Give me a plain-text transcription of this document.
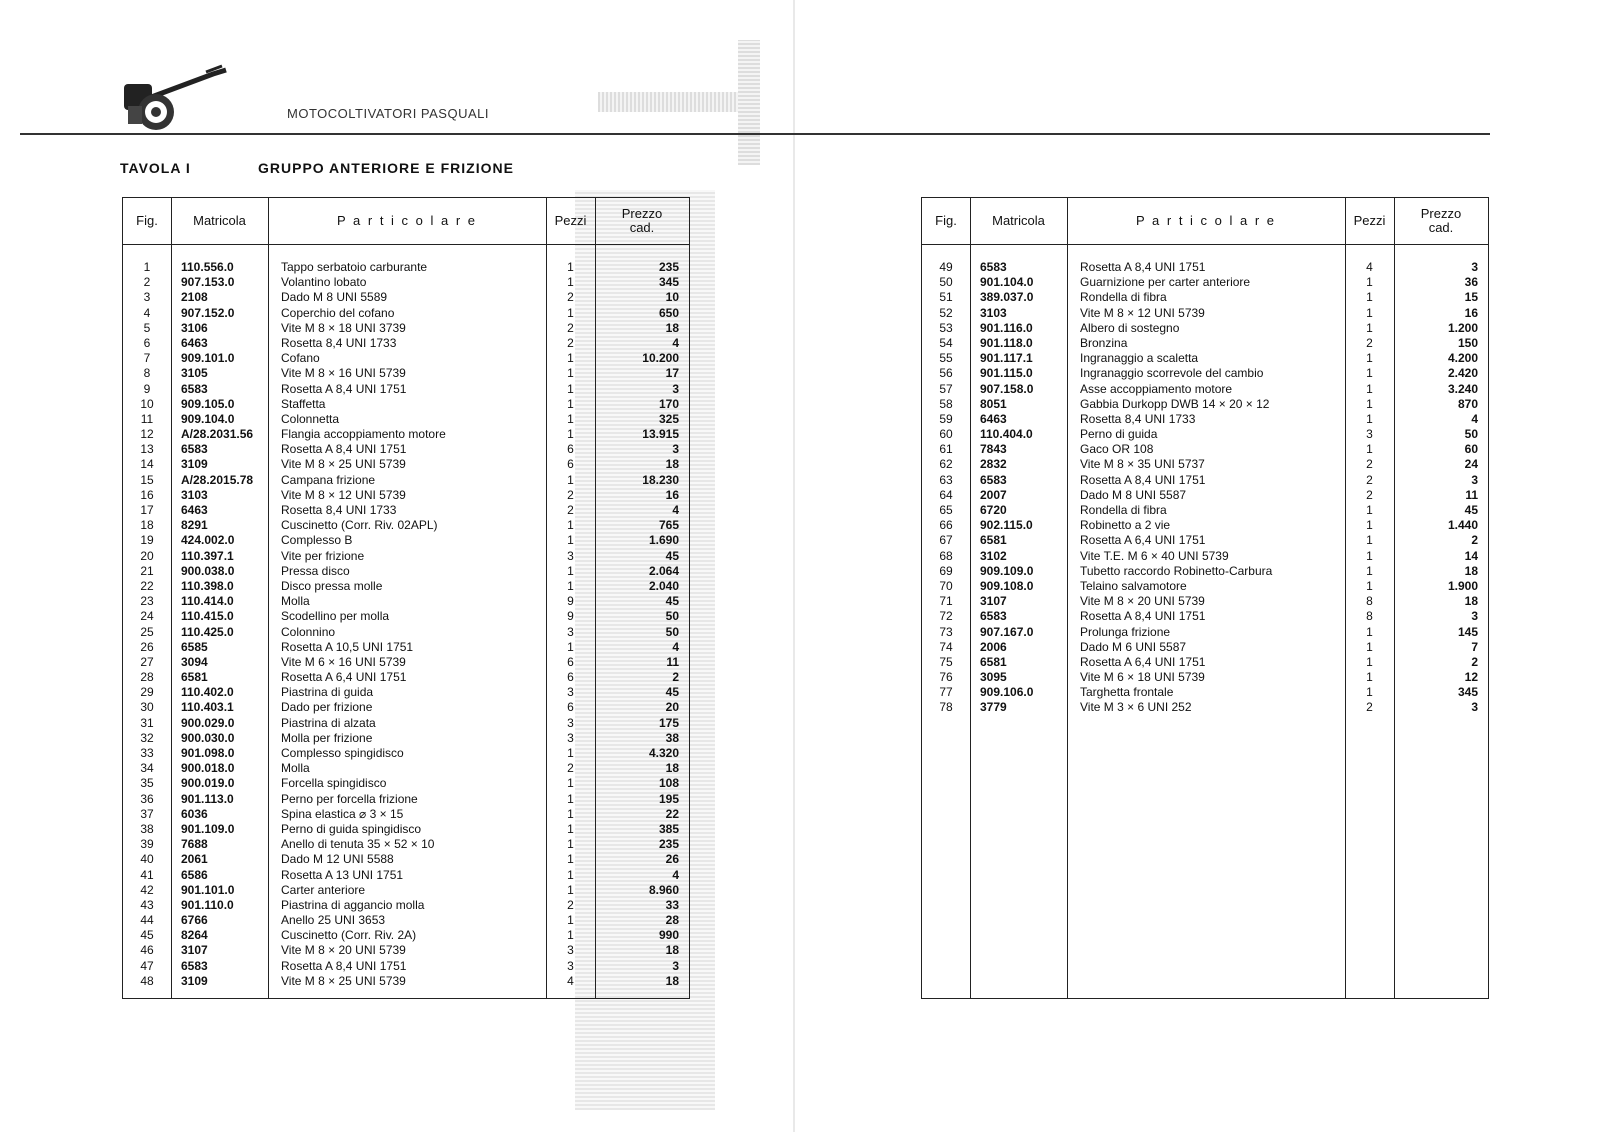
MOTOCOLTIVATORI PASQUALI
TAVOLA I	GRUPPO ANTERIORE E FRIZIONE
Fig.	Matricola	P a r t i c o l a r e	Pezzi	Prezzo
cad.
1	110.556.0	Tappo serbatoio carburante	1	235
2	907.153.0	Volantino lobato	1	345
3	2108	Dado M 8 UNI 5589	2	10
4	907.152.0	Coperchio del cofano	1	650
5	3106	Vite M 8 × 18 UNI 3739	2	18
6	6463	Rosetta 8,4 UNI 1733	2	4
7	909.101.0	Cofano	1	10.200
8	3105	Vite M 8 × 16 UNI 5739	1	17
9	6583	Rosetta A 8,4 UNI 1751	1	3
10	909.105.0	Staffetta	1	170
11	909.104.0	Colonnetta	1	325
12	A/28.2031.56 Flangia accoppiamento motore	1	13.915
13	6583	Rosetta A 8,4 UNI 1751	6	3
14	3109	Vite M 8 × 25 UNI 5739	6	18
15	A/28.2015.78 Campana frizione	1	18.230
16	3103	Vite M 8 × 12 UNI 5739	2	16
17	6463	Rosetta 8,4 UNI 1733	2	4
18	8291	Cuscinetto (Corr. Riv. 02APL)	1	765
19	424.002.0	Complesso B	1	1.690
20	110.397.1	Vite per frizione	3	45
21	900.038.0	Pressa disco	1	2.064
22	110.398.0	Disco pressa molle	1	2.040
23	110.414.0	Molla	9	45
24	110.415.0	Scodellino per molla	9	50
25	110.425.0	Colonnino	3	50
26	6585	Rosetta A 10,5 UNI 1751	1	4
27	3094	Vite M 6 × 16 UNI 5739	6	11
28	6581	Rosetta A 6,4 UNI 1751	6	2
29	110.402.0	Piastrina di guida	3	45
30	110.403.1	Dado per frizione	6	20
31	900.029.0	Piastrina di alzata	3	175
32	900.030.0	Molla per frizione	3	38
33	901.098.0	Complesso spingidisco	1	4.320
34	900.018.0	Molla	2	18
35	900.019.0	Forcella spingidisco	1	108
36	901.113.0	Perno per forcella frizione	1	195
37	6036	Spina elastica ⌀ 3 × 15	1	22
38	901.109.0	Perno di guida spingidisco	1	385
39	7688	Anello di tenuta 35 × 52 × 10	1	235
40	2061	Dado M 12 UNI 5588	1	26
41	6586	Rosetta A 13 UNI 1751	1	4
42	901.101.0	Carter anteriore	1	8.960
43	901.110.0	Piastrina di aggancio molla	2	33
44	6766	Anello 25 UNI 3653	1	28
45	8264	Cuscinetto (Corr. Riv. 2A)	1	990
46	3107	Vite M 8 × 20 UNI 5739	3	18
47	6583	Rosetta A 8,4 UNI 1751	3	3
48	3109	Vite M 8 × 25 UNI 5739	4	18
Fig.	Matricola	P a r t i c o l a r e	Pezzi	Prezzo
cad.
49	6583	Rosetta A 8,4 UNI 1751	4	3
50	901.104.0	Guarnizione per carter anteriore	1	36
51	389.037.0	Rondella di fibra	1	15
52	3103	Vite M 8 × 12 UNI 5739	1	16
53	901.116.0	Albero di sostegno	1	1.200
54	901.118.0	Bronzina	2	150
55	901.117.1	Ingranaggio a scaletta	1	4.200
56	901.115.0	Ingranaggio scorrevole del cambio	1	2.420
57	907.158.0	Asse accoppiamento motore	1	3.240
58	8051	Gabbia Durkopp DWB 14 × 20 × 12	1	870
59	6463	Rosetta 8,4 UNI 1733	1	4
60	110.404.0	Perno di guida	3	50
61	7843	Gaco OR 108	1	60
62	2832	Vite M 8 × 35 UNI 5737	2	24
63	6583	Rosetta A 8,4 UNI 1751	2	3
64	2007	Dado M 8 UNI 5587	2	11
65	6720	Rondella di fibra	1	45
66	902.115.0	Robinetto a 2 vie	1	1.440
67	6581	Rosetta A 6,4 UNI 1751	1	2
68	3102	Vite T.E. M 6 × 40 UNI 5739	1	14
69	909.109.0	Tubetto raccordo Robinetto-Carbura	1	18
70	909.108.0	Telaino salvamotore	1	1.900
71	3107	Vite M 8 × 20 UNI 5739	8	18
72	6583	Rosetta A 8,4 UNI 1751	8	3
73	907.167.0	Prolunga frizione	1	145
74	2006	Dado M 6 UNI 5587	1	7
75	6581	Rosetta A 6,4 UNI 1751	1	2
76	3095	Vite M 6 × 18 UNI 5739	1	12
77	909.106.0	Targhetta frontale	1	345
78	3779	Vite M 3 × 6 UNI 252	2	3
